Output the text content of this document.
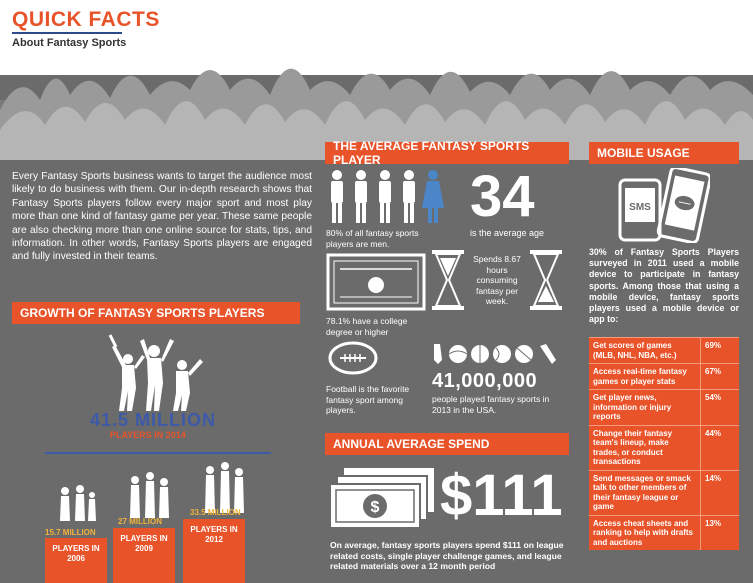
QUICK FACTS
About Fantasy Sports
Every Fantasy Sports business wants to target the audience most likely to do business with them. Our in-depth research shows that Fantasy Sports players follow every major sport and most play more than one kind of fantasy game per year. These same people are also checking more than one online source for stats, tips, and information. In other words, Fantasy Sports players are engaged and fully invested in their teams.
GROWTH OF FANTASY SPORTS PLAYERS
41.5 MILLION
PLAYERS IN 2014
15.7 MILLION
27 MILLION
33.5 MILLION
PLAYERS IN 2006
PLAYERS IN 2009
PLAYERS IN 2012
THE AVERAGE FANTASY SPORTS PLAYER
80% of all fantasy sports players are men.
34
is the average age
78.1% have a college degree or higher
Spends 8.67 hours consuming fantasy per week.
Football is the favorite fantasy sport among players.
41,000,000
people played fantasy sports in 2013 in the USA.
ANNUAL AVERAGE SPEND
$ $111
On average, fantasy sports players spend $111 on league related costs, single player challenge games, and league related materials over a 12 month period
MOBILE USAGE
SMS
30% of Fantasy Sports Players surveyed in 2011 used a mobile device to participate in fantasy sports. Among those that using a mobile device, fantasy sports players used a mobile device or app to:
Get scores of games (MLB, NHL, NBA, etc.)
69%
Access real-time fantasy games or player stats
67%
Get player news, information or injury reports
54%
Change their fantasy team's lineup, make trades, or conduct transactions
44%
Send messages or smack talk to other members of their fantasy league or game
14%
Access cheat sheets and ranking to help with drafts and auctions
13%
